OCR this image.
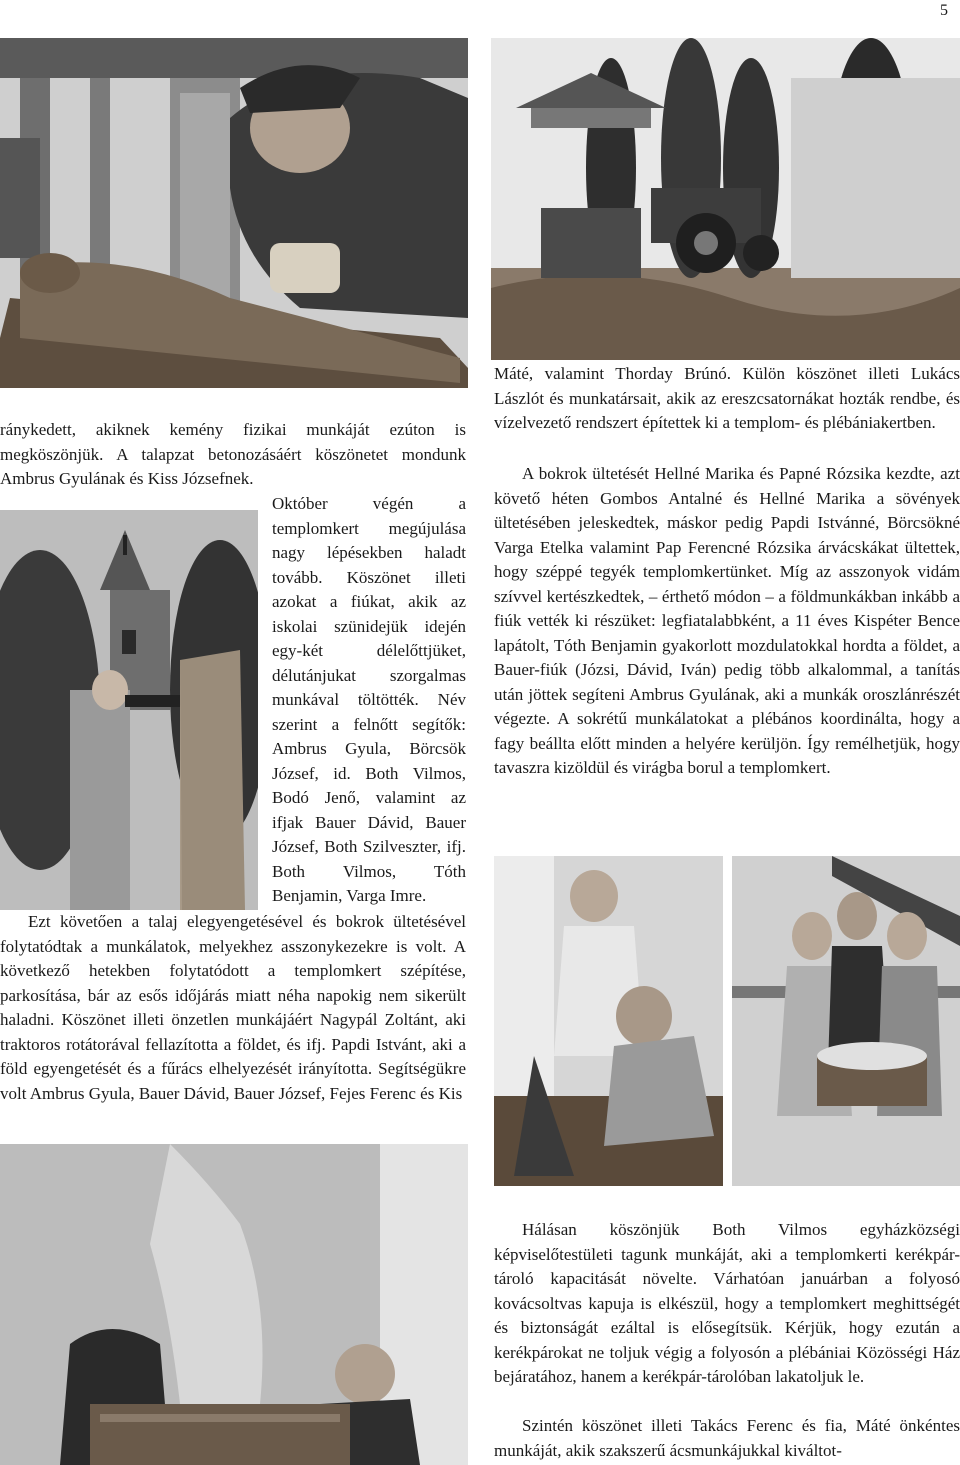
5

ránykedett, akiknek kemény fizikai munkáját ezúton is megköszönjük. A talapzat betonozásáért köszönetet mondunk Ambrus Gyulának és Kiss Józsefnek.

Október végén a templomkert megújulása nagy lépésekben haladt tovább. Köszönet illeti azokat a fiúkat, akik az iskolai szünidejük idején egy-két délelőttjüket, délutánjukat szorgalmas munkával töltötték. Név szerint a felnőtt segítők: Ambrus Gyula, Börcsök József, id. Both Vilmos, Bodó Jenő, valamint az ifjak Bauer Dávid, Bauer József, Both Szilveszter, ifj. Both Vilmos, Tóth Benjamin, Varga Imre.

Ezt követően a talaj elegyengetésével és bokrok ültetésével folytatódtak a munkálatok, melyekhez asszonykezekre is volt. A következő hetekben folytatódott a templomkert szépítése, parkosítása, bár az esős időjárás miatt néha napokig nem sikerült haladni. Köszönet illeti önzetlen munkájáért Nagypál Zoltánt, aki traktoros rotátorával fellazította a földet, és ifj. Papdi Istvánt, aki a föld egyengetését és a fűrács elhelyezését irányította. Segítségükre volt Ambrus Gyula, Bauer Dávid, Bauer József, Fejes Ferenc és Kis

Máté, valamint Thorday Brúnó. Külön köszönet illeti Lukács Lászlót és munkatársait, akik az ereszcsatornákat hozták rendbe, és vízelvezető rendszert építettek ki a templom- és plébániakertben.

A bokrok ültetését Hellné Marika és Papné Rózsika kezdte, azt követő héten Gombos Antalné és Hellné Marika a sövények ültetésében jeleskedtek, máskor pedig Papdi Istvánné, Börcsökné Varga Etelka valamint Pap Ferencné Rózsika árvácskákat ültettek, hogy széppé tegyék templomkertünket. Míg az asszonyok vidám szívvel kertészkedtek, – érthető módon – a földmunkákban inkább a fiúk vették ki részüket: legfiatalabbként, a 11 éves Kispéter Bence lapátolt, Tóth Benjamin gyakorlott mozdulatokkal hordta a földet, a Bauer-fiúk (Józsi, Dávid, Iván) pedig több alkalommal, a tanítás után jöttek segíteni Ambrus Gyulának, aki a munkák oroszlánrészét végezte. A sokrétű munkálatokat a plébános koordinálta, hogy a fagy beállta előtt minden a helyére kerüljön. Így remélhetjük, hogy tavaszra kizöldül és virágba borul a templomkert.

Hálásan köszönjük Both Vilmos egyházközségi képviselőtestületi tagunk munkáját, aki a templomkerti kerékpár-tároló kapacitását növelte. Várhatóan januárban a folyosó kovácsoltvas kapuja is elkészül, hogy a templomkert meghittségét és biztonságát ezáltal is elősegítsük. Kérjük, hogy ezután a kerékpárokat ne toljuk végig a folyosón a plébániai Közösségi Ház bejáratához, hanem a kerékpár-tárolóban lakatoljuk le.

Szintén köszönet illeti Takács Ferenc és fia, Máté önkéntes munkáját, akik szakszerű ácsmunkájukkal kiváltot-
